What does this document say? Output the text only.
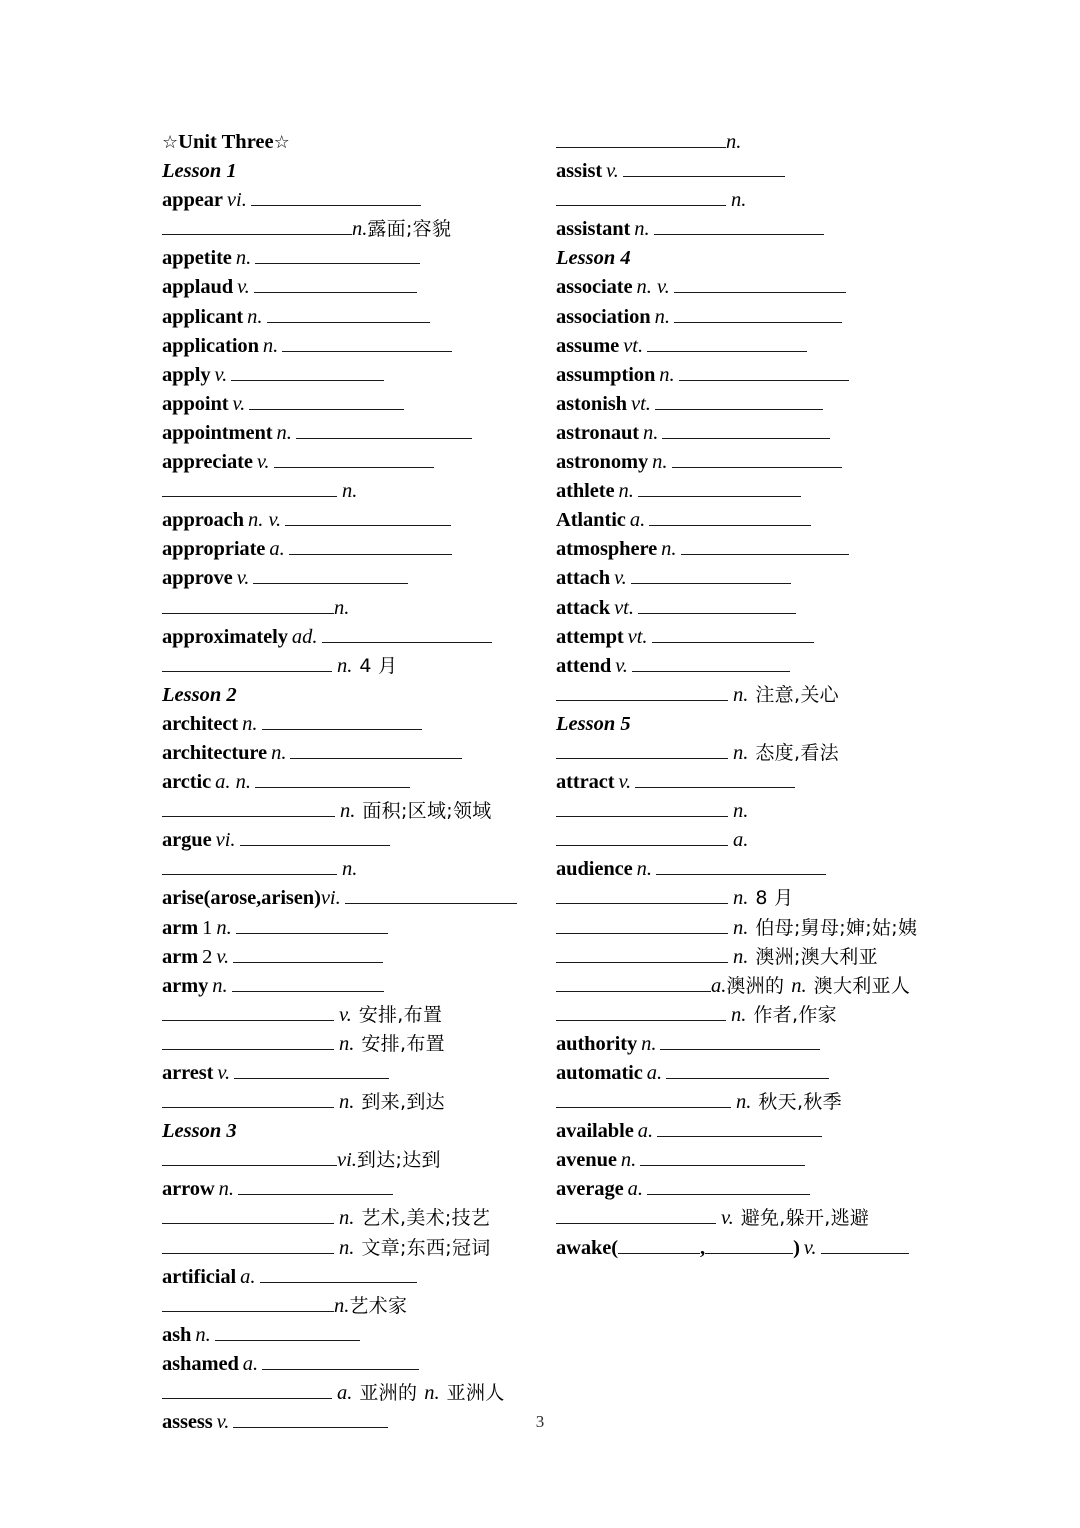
☆Unit Three☆
Lesson 1
appear vi.
n.露面;容貌
appetite n.
applaud v.
applicant n.
application n.
apply v.
appoint v.
appointment n.
appreciate v.
n.
approach n. v.
appropriate a.
approve v.
n.
approximately ad.
n. 4 月
Lesson 2
architect n.
architecture n.
arctic a. n.
n. 面积;区域;领域
argue vi.
n.
arise(arose,arisen)vi.
arm 1 n.
arm 2 v.
army n.
v. 安排,布置
n. 安排,布置
arrest v.
n. 到来,到达
Lesson 3
vi.到达;达到
arrow n.
n. 艺术,美术;技艺
n. 文章;东西;冠词
artificial a.
n.艺术家
ash n.
ashamed a.
a. 亚洲的 n. 亚洲人
assess v.
n.
assist v.
n.
assistant n.
Lesson 4
associate n. v.
association n.
assume vt.
assumption n.
astonish vt.
astronaut n.
astronomy n.
athlete n.
Atlantic a.
atmosphere n.
attach v.
attack vt.
attempt vt.
attend v.
n. 注意,关心
Lesson 5
n. 态度,看法
attract v.
n.
a.
audience n.
n. 8 月
n. 伯母;舅母;婶;姑;姨
n. 澳洲;澳大利亚
a.澳洲的 n. 澳大利亚人
n. 作者,作家
authority n.
automatic a.
n. 秋天,秋季
available a.
avenue n.
average a.
v. 避免,躲开,逃避
awake(	,	) v.
3
